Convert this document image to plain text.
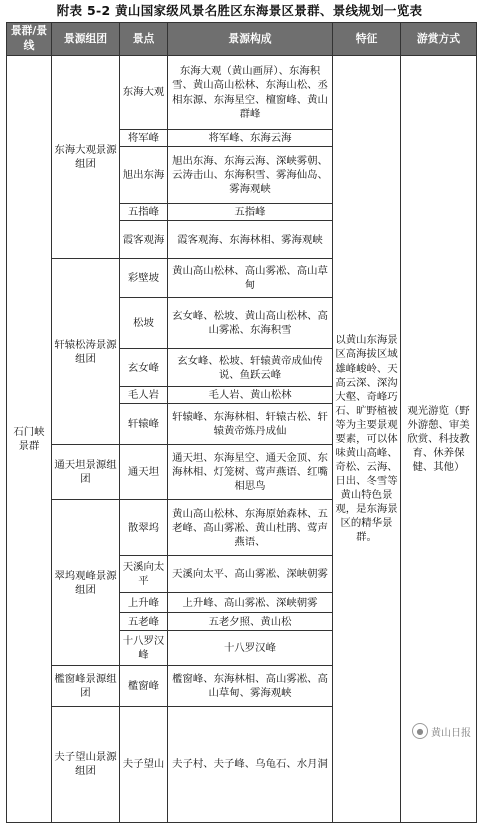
附表 5-2 黄山国家级风景名胜区东海景区景群、景线规划一览表
景群/景线	景源组团	景点	景源构成	特征	游赏方式	
石门峡景群	东海大观景源组团	东海大观	东海大观（黄山画屏）、东海积雪、黄山高山松林、东海山松、丞相东源、东海星空、檀窗峰、黄山群峰	以黄山东海景区高海拔区域雄峰峻岭、天高云深、深沟大壑、奇峰巧石、旷野植被等为主要景观要素，可以体味黄山高峰、奇松、云海、日出、冬雪等黄山特色景观，是东海景区的精华景群。	观光游览（野外游憩、审美欣赏、科技教育、休养保健、其他）	
		将军峰	将军峰、东海云海			
		旭出东海	旭出东海、东海云海、深峡雾朝、云涛击山、东海积雪、雾海仙岛、雾海观峡			
		五指峰	五指峰			
		霞客观海	霞客观海、东海林相、雾海观峡			
	轩辕松涛景源组团	彩壁坡	黄山高山松林、高山雾凇、高山草甸			
		松坡	玄女峰、松坡、黄山高山松林、高山雾凇、东海积雪			
		玄女峰	玄女峰、松坡、轩辕黄帝成仙传说、鱼跃云峰			
		毛人岩	毛人岩、黄山松林			
		轩辕峰	轩辕峰、东海林相、轩辕古松、轩辕黄帝炼丹成仙			
	通天坦景源组团	通天坦	通天坦、东海星空、通天金顶、东海林相、灯笼树、莺声燕语、红嘴相思鸟			
	翠坞观峰景源组团	散翠坞	黄山高山松林、东海原始森林、五老峰、高山雾凇、黄山杜鹃、莺声燕语、			
		天溪向太平	天溪向太平、高山雾凇、深峡朝雾			
		上升峰	上升峰、高山雾凇、深峡朝雾			
		五老峰	五老夕照、黄山松			
		十八罗汉峰	十八罗汉峰			
	檻窗峰景源组团	檻窗峰	檻窗峰、东海林相、高山雾凇、高山草甸、雾海观峡			
	夫子望山景源组团	夫子望山	夫子村、夫子峰、乌龟石、水月洞		
● 黄山日报
